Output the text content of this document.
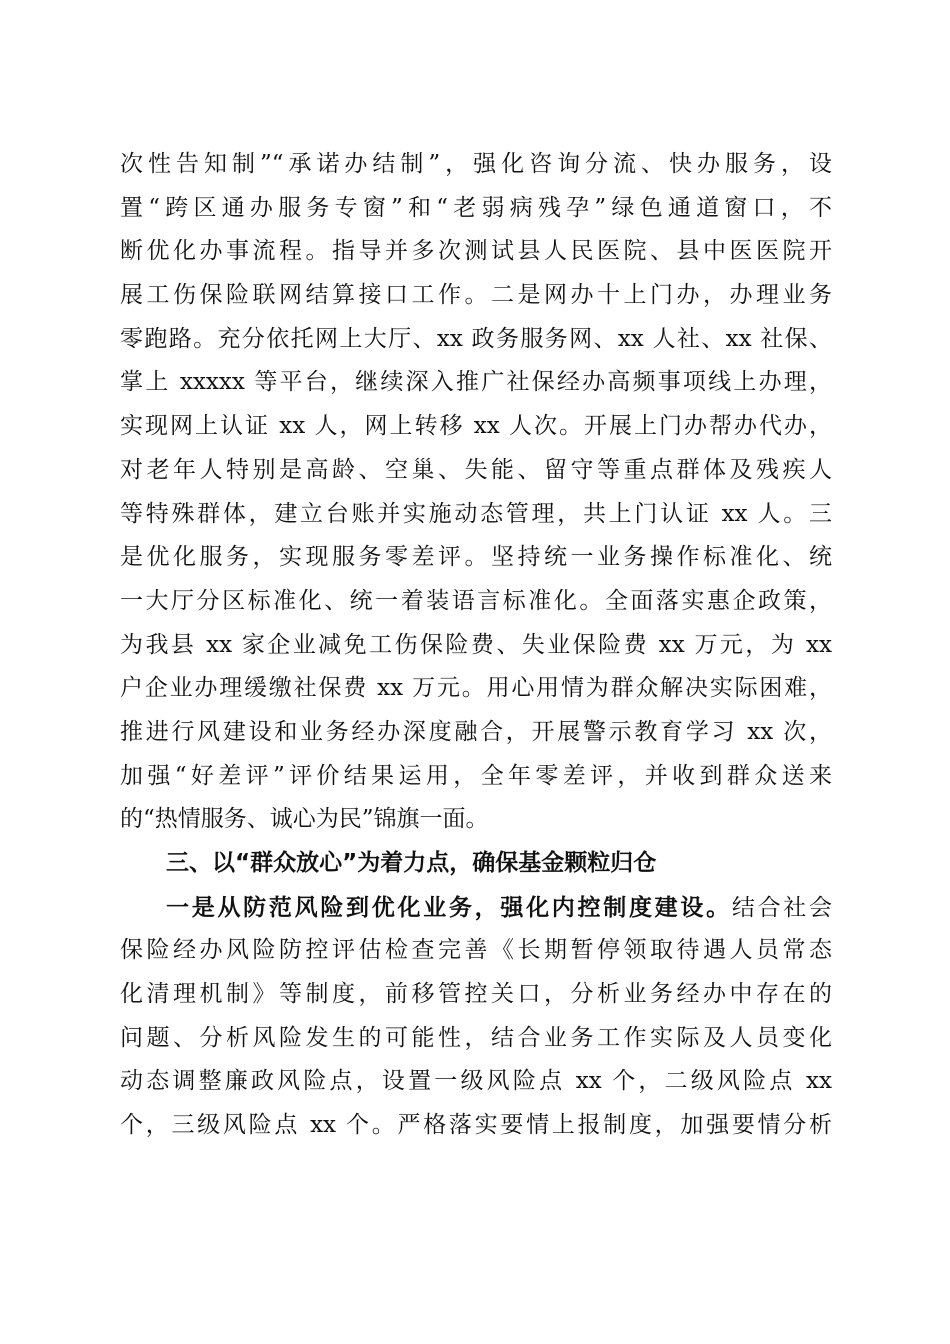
次性告知制”“承诺办结制”，强化咨询分流、快办服务，设
置“跨区通办服务专窗”和“老弱病残孕”绿色通道窗口，不
断优化办事流程。指导并多次测试县人民医院、县中医医院开
展工伤保险联网结算接口工作。二是网办十上门办，办理业务
零跑路。充分依托网上大厅、xx 政务服务网、xx 人社、xx 社保、
掌上 xxxxx 等平台，继续深入推广社保经办高频事项线上办理，
实现网上认证 xx 人，网上转移 xx 人次。开展上门办帮办代办，
对老年人特别是高龄、空巢、失能、留守等重点群体及残疾人
等特殊群体，建立台账并实施动态管理，共上门认证 xx 人。三
是优化服务，实现服务零差评。坚持统一业务操作标准化、统
一大厅分区标准化、统一着装语言标准化。全面落实惠企政策，
为我县 xx 家企业减免工伤保险费、失业保险费 xx 万元，为 xx
户企业办理缓缴社保费 xx 万元。用心用情为群众解决实际困难，
推进行风建设和业务经办深度融合，开展警示教育学习 xx 次，
加强“好差评”评价结果运用，全年零差评，并收到群众送来
的“热情服务、诚心为民”锦旗一面。
三、以“群众放心”为着力点，确保基金颗粒归仓
一是从防范风险到优化业务，强化内控制度建设。结合社会
保险经办风险防控评估检查完善《长期暂停领取待遇人员常态
化清理机制》等制度，前移管控关口，分析业务经办中存在的
问题、分析风险发生的可能性，结合业务工作实际及人员变化
动态调整廉政风险点，设置一级风险点 xx 个，二级风险点 xx
个，三级风险点 xx 个。严格落实要情上报制度，加强要情分析
